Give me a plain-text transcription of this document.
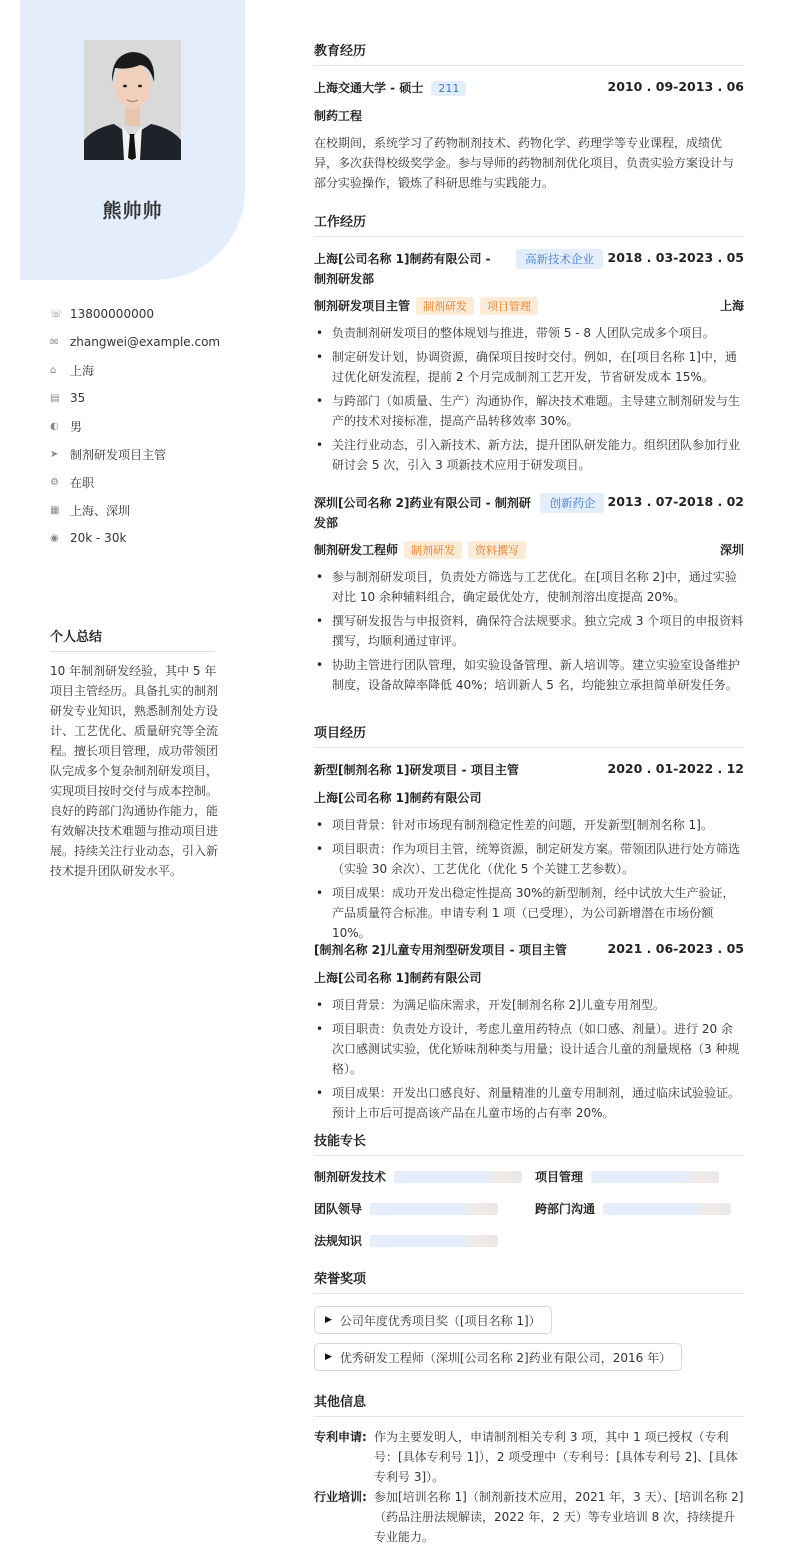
熊帅帅
☏ 13800000000
✉ zhangwei@example.com
⌂	上海
▤ 35
◐ 男
➤ 制剂研发项目主管
⚙ 在职
▦ 上海、深圳
◉ 20k - 30k
个人总结
10 年制剂研发经验，其中 5 年项目主管经历。具备扎实的制剂研发专业知识，熟悉制剂处方设计、工艺优化、质量研究等全流程。擅长项目管理，成功带领团队完成多个复杂制剂研发项目，实现项目按时交付与成本控制。良好的跨部门沟通协作能力，能有效解决技术难题与推动项目进展。持续关注行业动态，引入新技术提升团队研发水平。
教育经历
上海交通大学 - 硕士 211	2010 . 09-2013 . 06
制药工程
在校期间，系统学习了药物制剂技术、药物化学、药理学等专业课程，成绩优异，多次获得校级奖学金。参与导师的药物制剂优化项目，负责实验方案设计与部分实验操作，锻炼了科研思维与实践能力。
工作经历
上海[公司名称 1]制药有限公司 - 制剂研发部
高新技术企业	2018 . 03-2023 . 05
制剂研发项目主管 制剂研发 项目管理	上海
• 负责制剂研发项目的整体规划与推进，带领 5 - 8 人团队完成多个项目。
• 制定研发计划，协调资源，确保项目按时交付。例如，在[项目名称 1]中，通过优化研发流程，提前 2 个月完成制剂工艺开发，节省研发成本 15%。
• 与跨部门（如质量、生产）沟通协作，解决技术难题。主导建立制剂研发与生产的技术对接标准，提高产品转移效率 30%。
• 关注行业动态，引入新技术、新方法，提升团队研发能力。组织团队参加行业研讨会 5 次，引入 3 项新技术应用于研发项目。
深圳[公司名称 2]药业有限公司 - 制剂研发部
创新药企 2013 . 07-2018 . 02
制剂研发工程师 制剂研发 资料撰写	深圳
• 参与制剂研发项目，负责处方筛选与工艺优化。在[项目名称 2]中，通过实验对比 10 余种辅料组合，确定最优处方，使制剂溶出度提高 20%。
• 撰写研发报告与申报资料，确保符合法规要求。独立完成 3 个项目的申报资料撰写，均顺利通过审评。
• 协助主管进行团队管理，如实验设备管理、新人培训等。建立实验室设备维护制度，设备故障率降低 40%；培训新人 5 名，均能独立承担简单研发任务。
项目经历
新型[制剂名称 1]研发项目 - 项目主管	2020 . 01-2022 . 12
上海[公司名称 1]制药有限公司
• 项目背景：针对市场现有制剂稳定性差的问题，开发新型[制剂名称 1]。
• 项目职责：作为项目主管，统筹资源，制定研发方案。带领团队进行处方筛选（实验 30 余次）、工艺优化（优化 5 个关键工艺参数）。
• 项目成果：成功开发出稳定性提高 30%的新型制剂，经中试放大生产验证，产品质量符合标准。申请专利 1 项（已受理），为公司新增潜在市场份额 10%。
[制剂名称 2]儿童专用剂型研发项目 - 项目主管	2021 . 06-2023 . 05
上海[公司名称 1]制药有限公司
• 项目背景：为满足临床需求，开发[制剂名称 2]儿童专用剂型。
• 项目职责：负责处方设计，考虑儿童用药特点（如口感、剂量）。进行 20 余次口感测试实验，优化矫味剂种类与用量；设计适合儿童的剂量规格（3 种规格）。
• 项目成果：开发出口感良好、剂量精准的儿童专用制剂，通过临床试验验证。预计上市后可提高该产品在儿童市场的占有率 20%。
技能专长
制剂研发技术	项目管理
团队领导	跨部门沟通
法规知识
荣誉奖项
▶ 公司年度优秀项目奖（[项目名称 1]）
▶ 优秀研发工程师（深圳[公司名称 2]药业有限公司，2016 年）
其他信息
专利申请: 作为主要发明人，申请制剂相关专利 3 项，其中 1 项已授权（专利号：[具体专利号 1]），2 项受理中（专利号：[具体专利号 2]、[具体专利号 3]）。
行业培训: 参加[培训名称 1]（制剂新技术应用，2021 年，3 天）、[培训名称 2]（药品注册法规解读，2022 年，2 天）等专业培训 8 次，持续提升专业能力。
